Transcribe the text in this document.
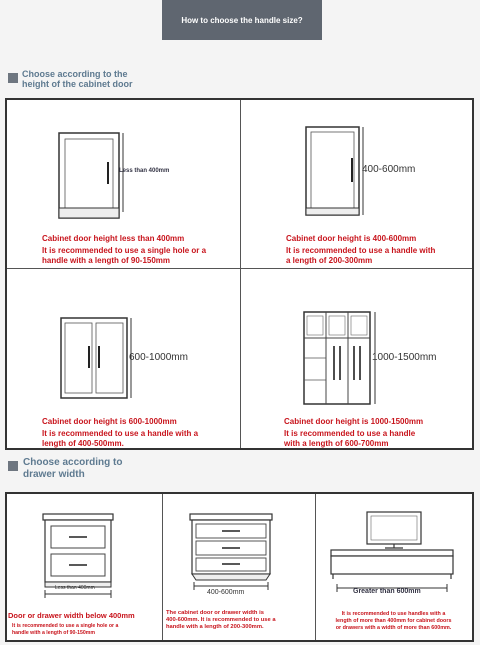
How to choose the handle size?
Choose according to the
height of the cabinet door
Less than 400mm
Cabinet door height less than 400mm
It is recommended to use a single hole or a
handle with a length of 90-150mm
400-600mm
Cabinet door height is 400-600mm
It is recommended to use a handle with
a length of 200-300mm
600-1000mm
Cabinet door height is 600-1000mm
It is recommended to use a handle with a
length of 400-500mm.
1000-1500mm
Cabinet door height is 1000-1500mm
It is recommended to use a handle
with a length of 600-700mm
Choose according to
drawer width
Less than 400mm
Door or drawer width below 400mm
It is recommended to use a single hole or a
handle with a length of 90-150mm
400-600mm
The cabinet door or drawer width is
400-600mm. It is recommended to use a
handle with a length of 200-300mm.
Greater than 600mm
It is recommended to use handles with a
length of more than 400mm for cabinet doors
or drawers with a width of more than 600mm.
